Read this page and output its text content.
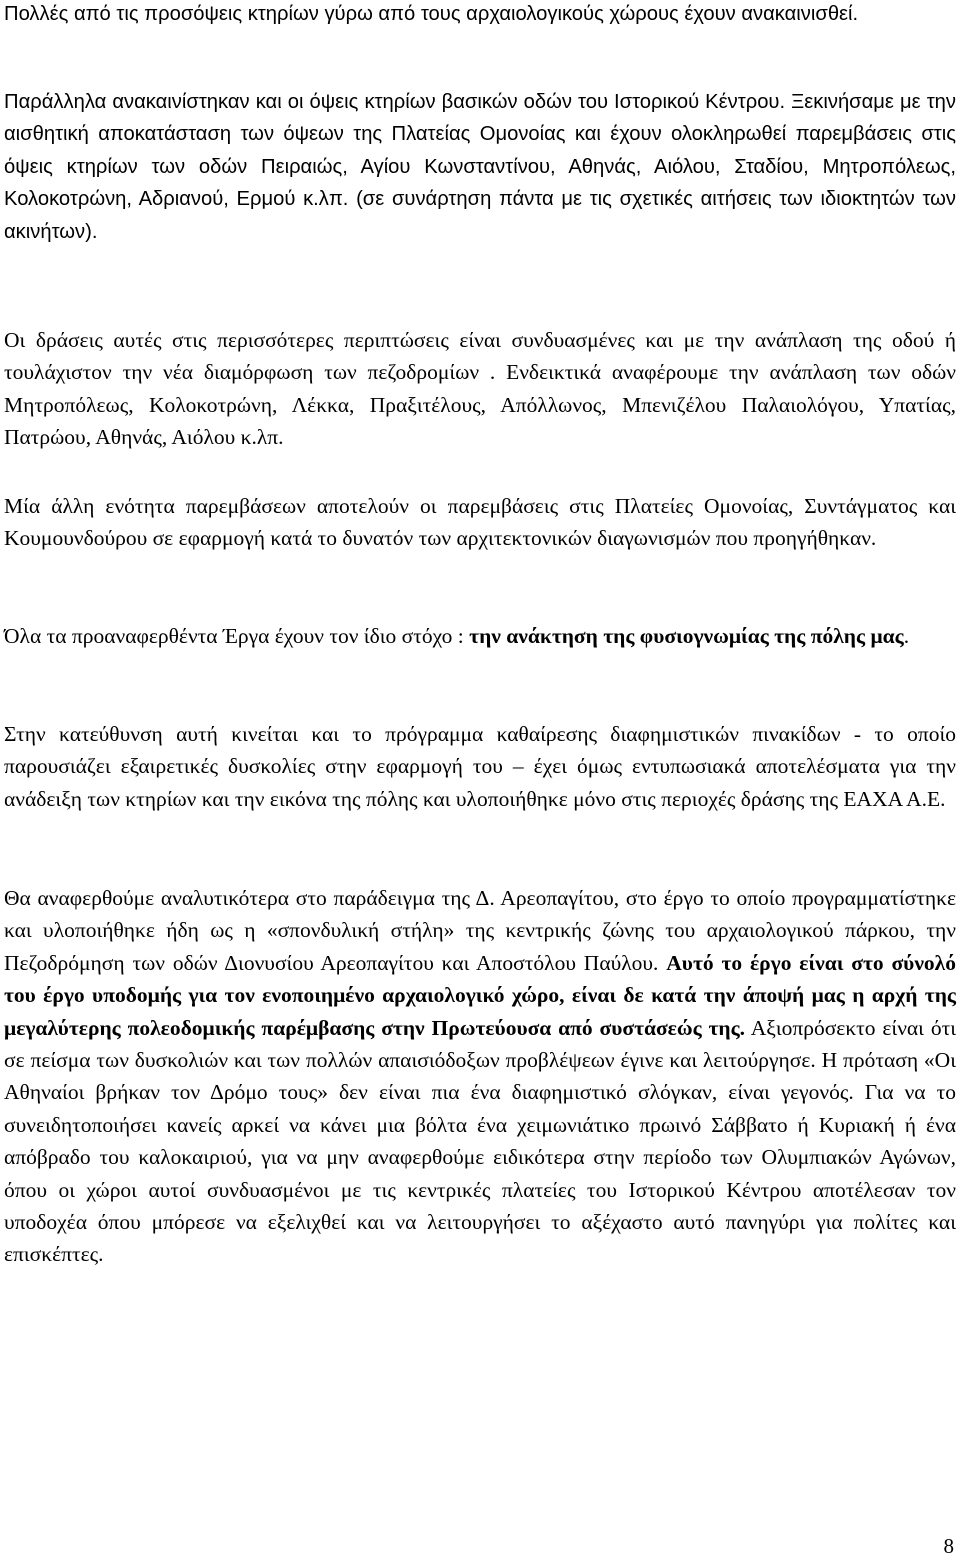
Πολλές από τις προσόψεις κτηρίων γύρω από τους αρχαιολογικούς χώρους έχουν ανακαινισθεί.

Παράλληλα ανακαινίστηκαν και οι όψεις κτηρίων βασικών οδών του Ιστορικού Κέντρου. Ξεκινήσαμε με την αισθητική αποκατάσταση των όψεων της Πλατείας Ομονοίας και έχουν ολοκληρωθεί παρεμβάσεις στις όψεις κτηρίων των οδών Πειραιώς, Αγίου Κωνσταντίνου, Αθηνάς, Αιόλου, Σταδίου, Μητροπόλεως, Κολοκοτρώνη, Αδριανού, Ερμού κ.λπ. (σε συνάρτηση πάντα με τις σχετικές αιτήσεις των ιδιοκτητών των ακινήτων).

Οι δράσεις αυτές στις περισσότερες περιπτώσεις είναι συνδυασμένες και με την ανάπλαση της οδού ή τουλάχιστον την νέα διαμόρφωση των πεζοδρομίων . Ενδεικτικά αναφέρουμε την ανάπλαση των οδών Μητροπόλεως, Κολοκοτρώνη, Λέκκα, Πραξιτέλους, Απόλλωνος, Μπενιζέλου Παλαιολόγου, Υπατίας, Πατρώου, Αθηνάς, Αιόλου κ.λπ.

Μία άλλη ενότητα παρεμβάσεων αποτελούν οι παρεμβάσεις στις Πλατείες Ομονοίας, Συντάγματος και Κουμουνδούρου σε εφαρμογή κατά το δυνατόν των αρχιτεκτονικών διαγωνισμών που προηγήθηκαν.

Όλα τα προαναφερθέντα Έργα έχουν τον ίδιο στόχο : την ανάκτηση της φυσιογνωμίας της πόλης μας.

Στην κατεύθυνση αυτή κινείται και το πρόγραμμα καθαίρεσης διαφημιστικών πινακίδων - το οποίο παρουσιάζει εξαιρετικές δυσκολίες στην εφαρμογή του – έχει όμως εντυπωσιακά αποτελέσματα για την ανάδειξη των κτηρίων και την εικόνα της πόλης και υλοποιήθηκε μόνο στις περιοχές δράσης της ΕΑΧΑ Α.Ε.

Θα αναφερθούμε αναλυτικότερα στο παράδειγμα της Δ. Αρεοπαγίτου, στο έργο το οποίο προγραμματίστηκε και υλοποιήθηκε ήδη ως η «σπονδυλική στήλη» της κεντρικής ζώνης του αρχαιολογικού πάρκου, την Πεζοδρόμηση των οδών Διονυσίου Αρεοπαγίτου και Αποστόλου Παύλου. Αυτό το έργο είναι στο σύνολό του έργο υποδομής για τον ενοποιημένο αρχαιολογικό χώρο, είναι δε κατά την άποψή μας η αρχή της μεγαλύτερης πολεοδομικής παρέμβασης στην Πρωτεύουσα από συστάσεώς της. Αξιοπρόσεκτο είναι ότι σε πείσμα των δυσκολιών και των πολλών απαισιόδοξων προβλέψεων έγινε και λειτούργησε. Η πρόταση «Οι Αθηναίοι βρήκαν τον Δρόμο τους» δεν είναι πια ένα διαφημιστικό σλόγκαν, είναι γεγονός. Για να το συνειδητοποιήσει κανείς αρκεί να κάνει μια βόλτα ένα χειμωνιάτικο πρωινό Σάββατο ή Κυριακή ή ένα απόβραδο του καλοκαιριού, για να μην αναφερθούμε ειδικότερα στην περίοδο των Ολυμπιακών Αγώνων, όπου οι χώροι αυτοί συνδυασμένοι με τις κεντρικές πλατείες του Ιστορικού Κέντρου αποτέλεσαν τον υποδοχέα όπου μπόρεσε να εξελιχθεί και να λειτουργήσει το αξέχαστο αυτό πανηγύρι για πολίτες και επισκέπτες.

8
